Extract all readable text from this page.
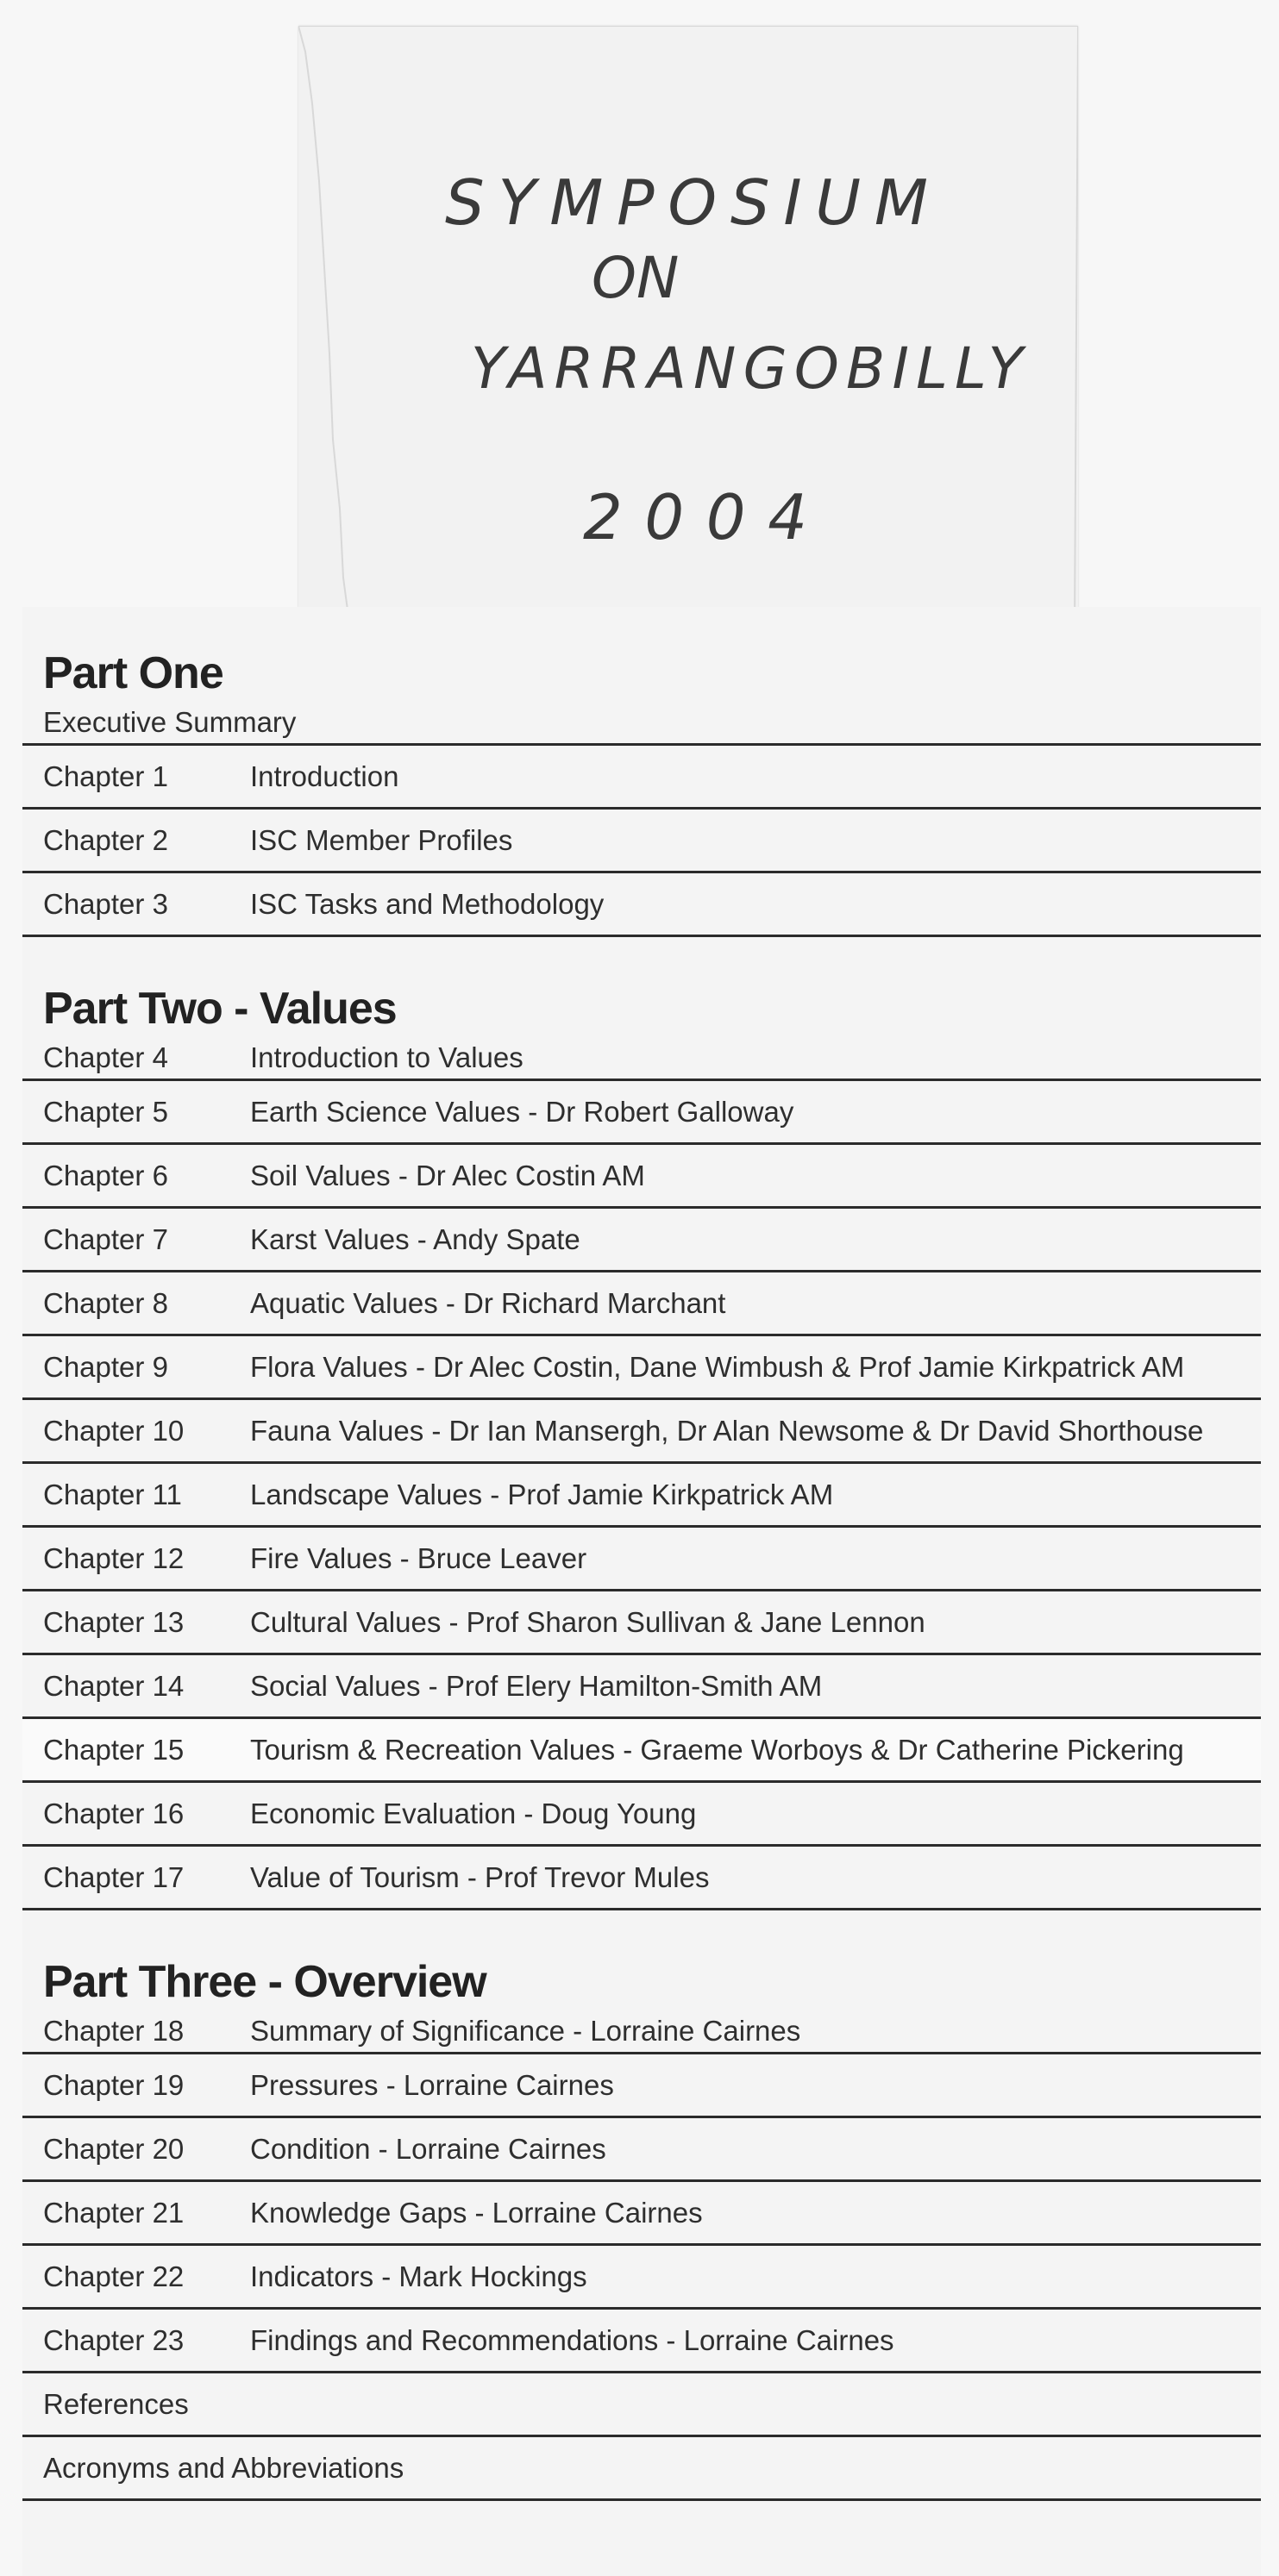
SYMPOSIUM
ON
YARRANGOBILLY
2004
Part One
Executive Summary
Chapter 1	Introduction
Chapter 2	ISC Member Profiles
Chapter 3	ISC Tasks and Methodology
Part Two - Values
Chapter 4	Introduction to Values
Chapter 5	Earth Science Values - Dr Robert Galloway
Chapter 6	Soil Values - Dr Alec Costin AM
Chapter 7	Karst Values - Andy Spate
Chapter 8	Aquatic Values - Dr Richard Marchant
Chapter 9	Flora Values - Dr Alec Costin, Dane Wimbush & Prof Jamie Kirkpatrick AM
Chapter 10	Fauna Values - Dr Ian Mansergh, Dr Alan Newsome & Dr David Shorthouse
Chapter 11	Landscape Values - Prof Jamie Kirkpatrick AM
Chapter 12	Fire Values - Bruce Leaver
Chapter 13	Cultural Values - Prof Sharon Sullivan & Jane Lennon
Chapter 14	Social Values - Prof Elery Hamilton-Smith AM
Chapter 15	Tourism & Recreation Values - Graeme Worboys & Dr Catherine Pickering
Chapter 16	Economic Evaluation - Doug Young
Chapter 17	Value of Tourism - Prof Trevor Mules
Part Three - Overview
Chapter 18	Summary of Significance - Lorraine Cairnes
Chapter 19	Pressures - Lorraine Cairnes
Chapter 20	Condition - Lorraine Cairnes
Chapter 21	Knowledge Gaps - Lorraine Cairnes
Chapter 22	Indicators - Mark Hockings
Chapter 23	Findings and Recommendations - Lorraine Cairnes
References
Acronyms and Abbreviations
